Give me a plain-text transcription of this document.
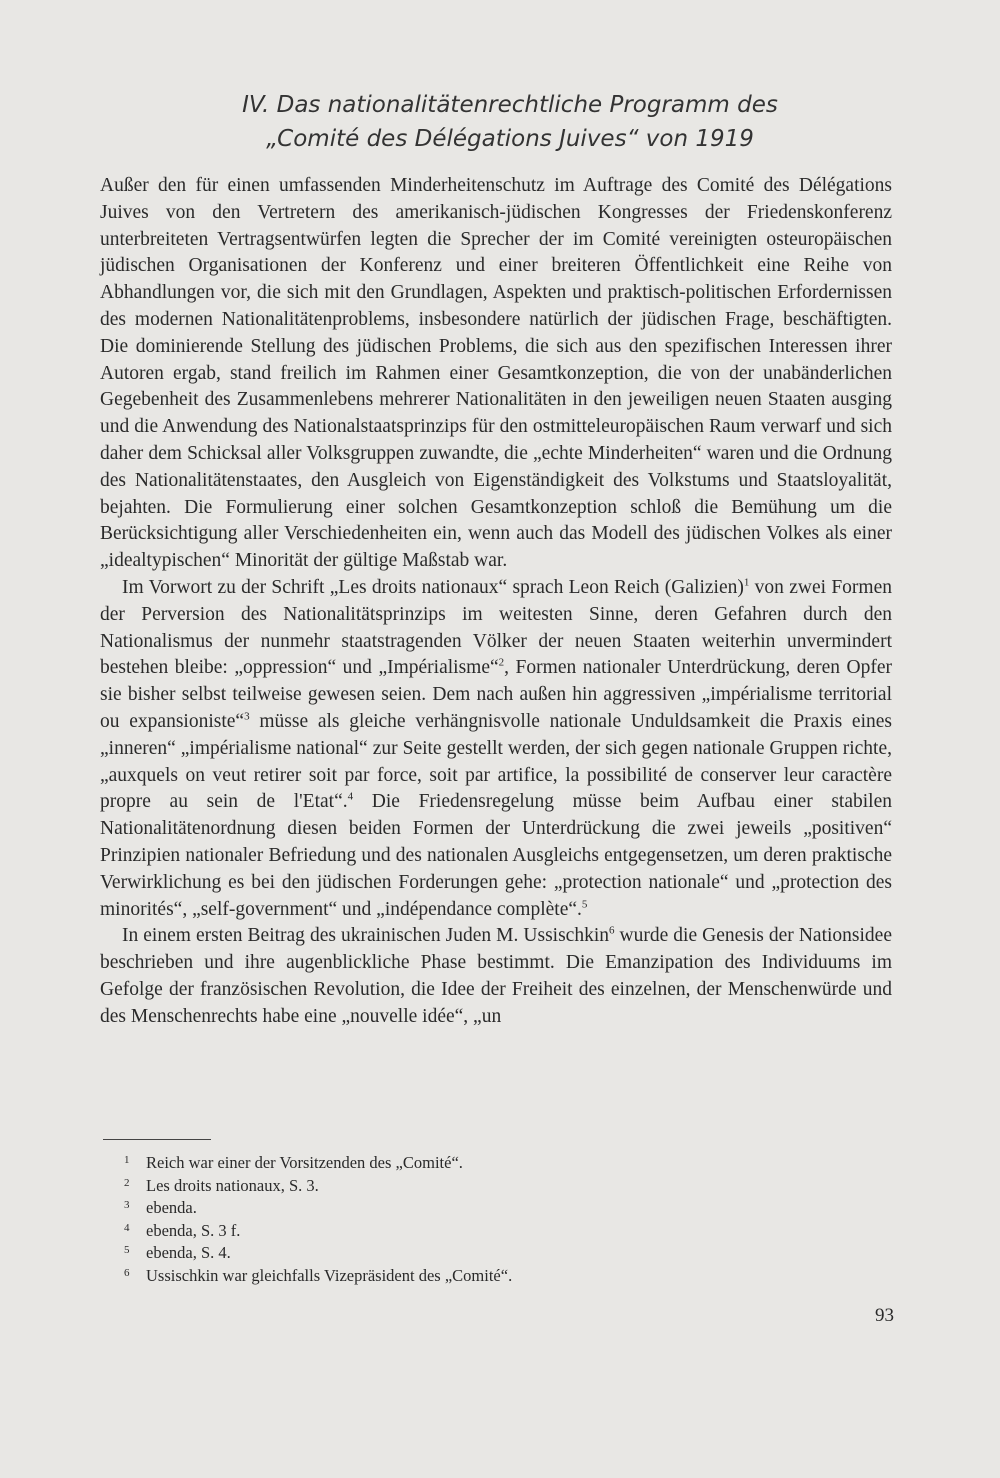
IV. Das nationalitätenrechtliche Programm des
„Comité des Délégations Juives“ von 1919

Außer den für einen umfassenden Minderheitenschutz im Auftrage des Comité des Délégations Juives von den Vertretern des amerikanisch-jüdischen Kongresses der Friedenskonferenz unterbreiteten Vertragsentwürfen legten die Sprecher der im Comité vereinigten osteuropäischen jüdischen Organisationen der Konferenz und einer breiteren Öffentlichkeit eine Reihe von Abhandlungen vor, die sich mit den Grundlagen, Aspekten und praktisch-politischen Erfordernissen des modernen Nationalitätenproblems, insbesondere natürlich der jüdischen Frage, beschäftigten. Die dominierende Stellung des jüdischen Problems, die sich aus den spezifischen Interessen ihrer Autoren ergab, stand freilich im Rahmen einer Gesamtkonzeption, die von der unabänderlichen Gegebenheit des Zusammenlebens mehrerer Nationalitäten in den jeweiligen neuen Staaten ausging und die Anwendung des Nationalstaatsprinzips für den ostmitteleuropäischen Raum verwarf und sich daher dem Schicksal aller Volksgruppen zuwandte, die „echte Minderheiten“ waren und die Ordnung des Nationalitätenstaates, den Ausgleich von Eigenständigkeit des Volkstums und Staatsloyalität, bejahten. Die Formulierung einer solchen Gesamtkonzeption schloß die Bemühung um die Berücksichtigung aller Verschiedenheiten ein, wenn auch das Modell des jüdischen Volkes als einer „idealtypischen“ Minorität der gültige Maßstab war.

Im Vorwort zu der Schrift „Les droits nationaux“ sprach Leon Reich (Galizien)$^1$ von zwei Formen der Perversion des Nationalitätsprinzips im weitesten Sinne, deren Gefahren durch den Nationalismus der nunmehr staatstragenden Völker der neuen Staaten weiterhin unvermindert bestehen bleibe: „oppression“ und „Impérialisme“$^2$, Formen nationaler Unterdrückung, deren Opfer sie bisher selbst teilweise gewesen seien. Dem nach außen hin aggressiven „impérialisme territorial ou expansioniste“$^3$ müsse als gleiche verhängnisvolle nationale Unduldsamkeit die Praxis eines „inneren“ „impérialisme national“ zur Seite gestellt werden, der sich gegen nationale Gruppen richte, „auxquels on veut retirer soit par force, soit par artifice, la possibilité de conserver leur caractère propre au sein de l'Etat“.$^4$ Die Friedensregelung müsse beim Aufbau einer stabilen Nationalitätenordnung diesen beiden Formen der Unterdrückung die zwei jeweils „positiven“ Prinzipien nationaler Befriedung und des nationalen Ausgleichs entgegensetzen, um deren praktische Verwirklichung es bei den jüdischen Forderungen gehe: „protection nationale“ und „protection des minorités“, „self-government“ und „indépendance complète“.$^5$

In einem ersten Beitrag des ukrainischen Juden M. Ussischkin$^6$ wurde die Genesis der Nationsidee beschrieben und ihre augenblickliche Phase bestimmt. Die Emanzipation des Individuums im Gefolge der französischen Revolution, die Idee der Freiheit des einzelnen, der Menschenwürde und des Menschenrechts habe eine „nouvelle idée“, „un

1	Reich war einer der Vorsitzenden des „Comité“.
2	Les droits nationaux, S. 3.
3	ebenda.
4	ebenda, S. 3 f.
5	ebenda, S. 4.
6	Ussischkin war gleichfalls Vizepräsident des „Comité“.
93
